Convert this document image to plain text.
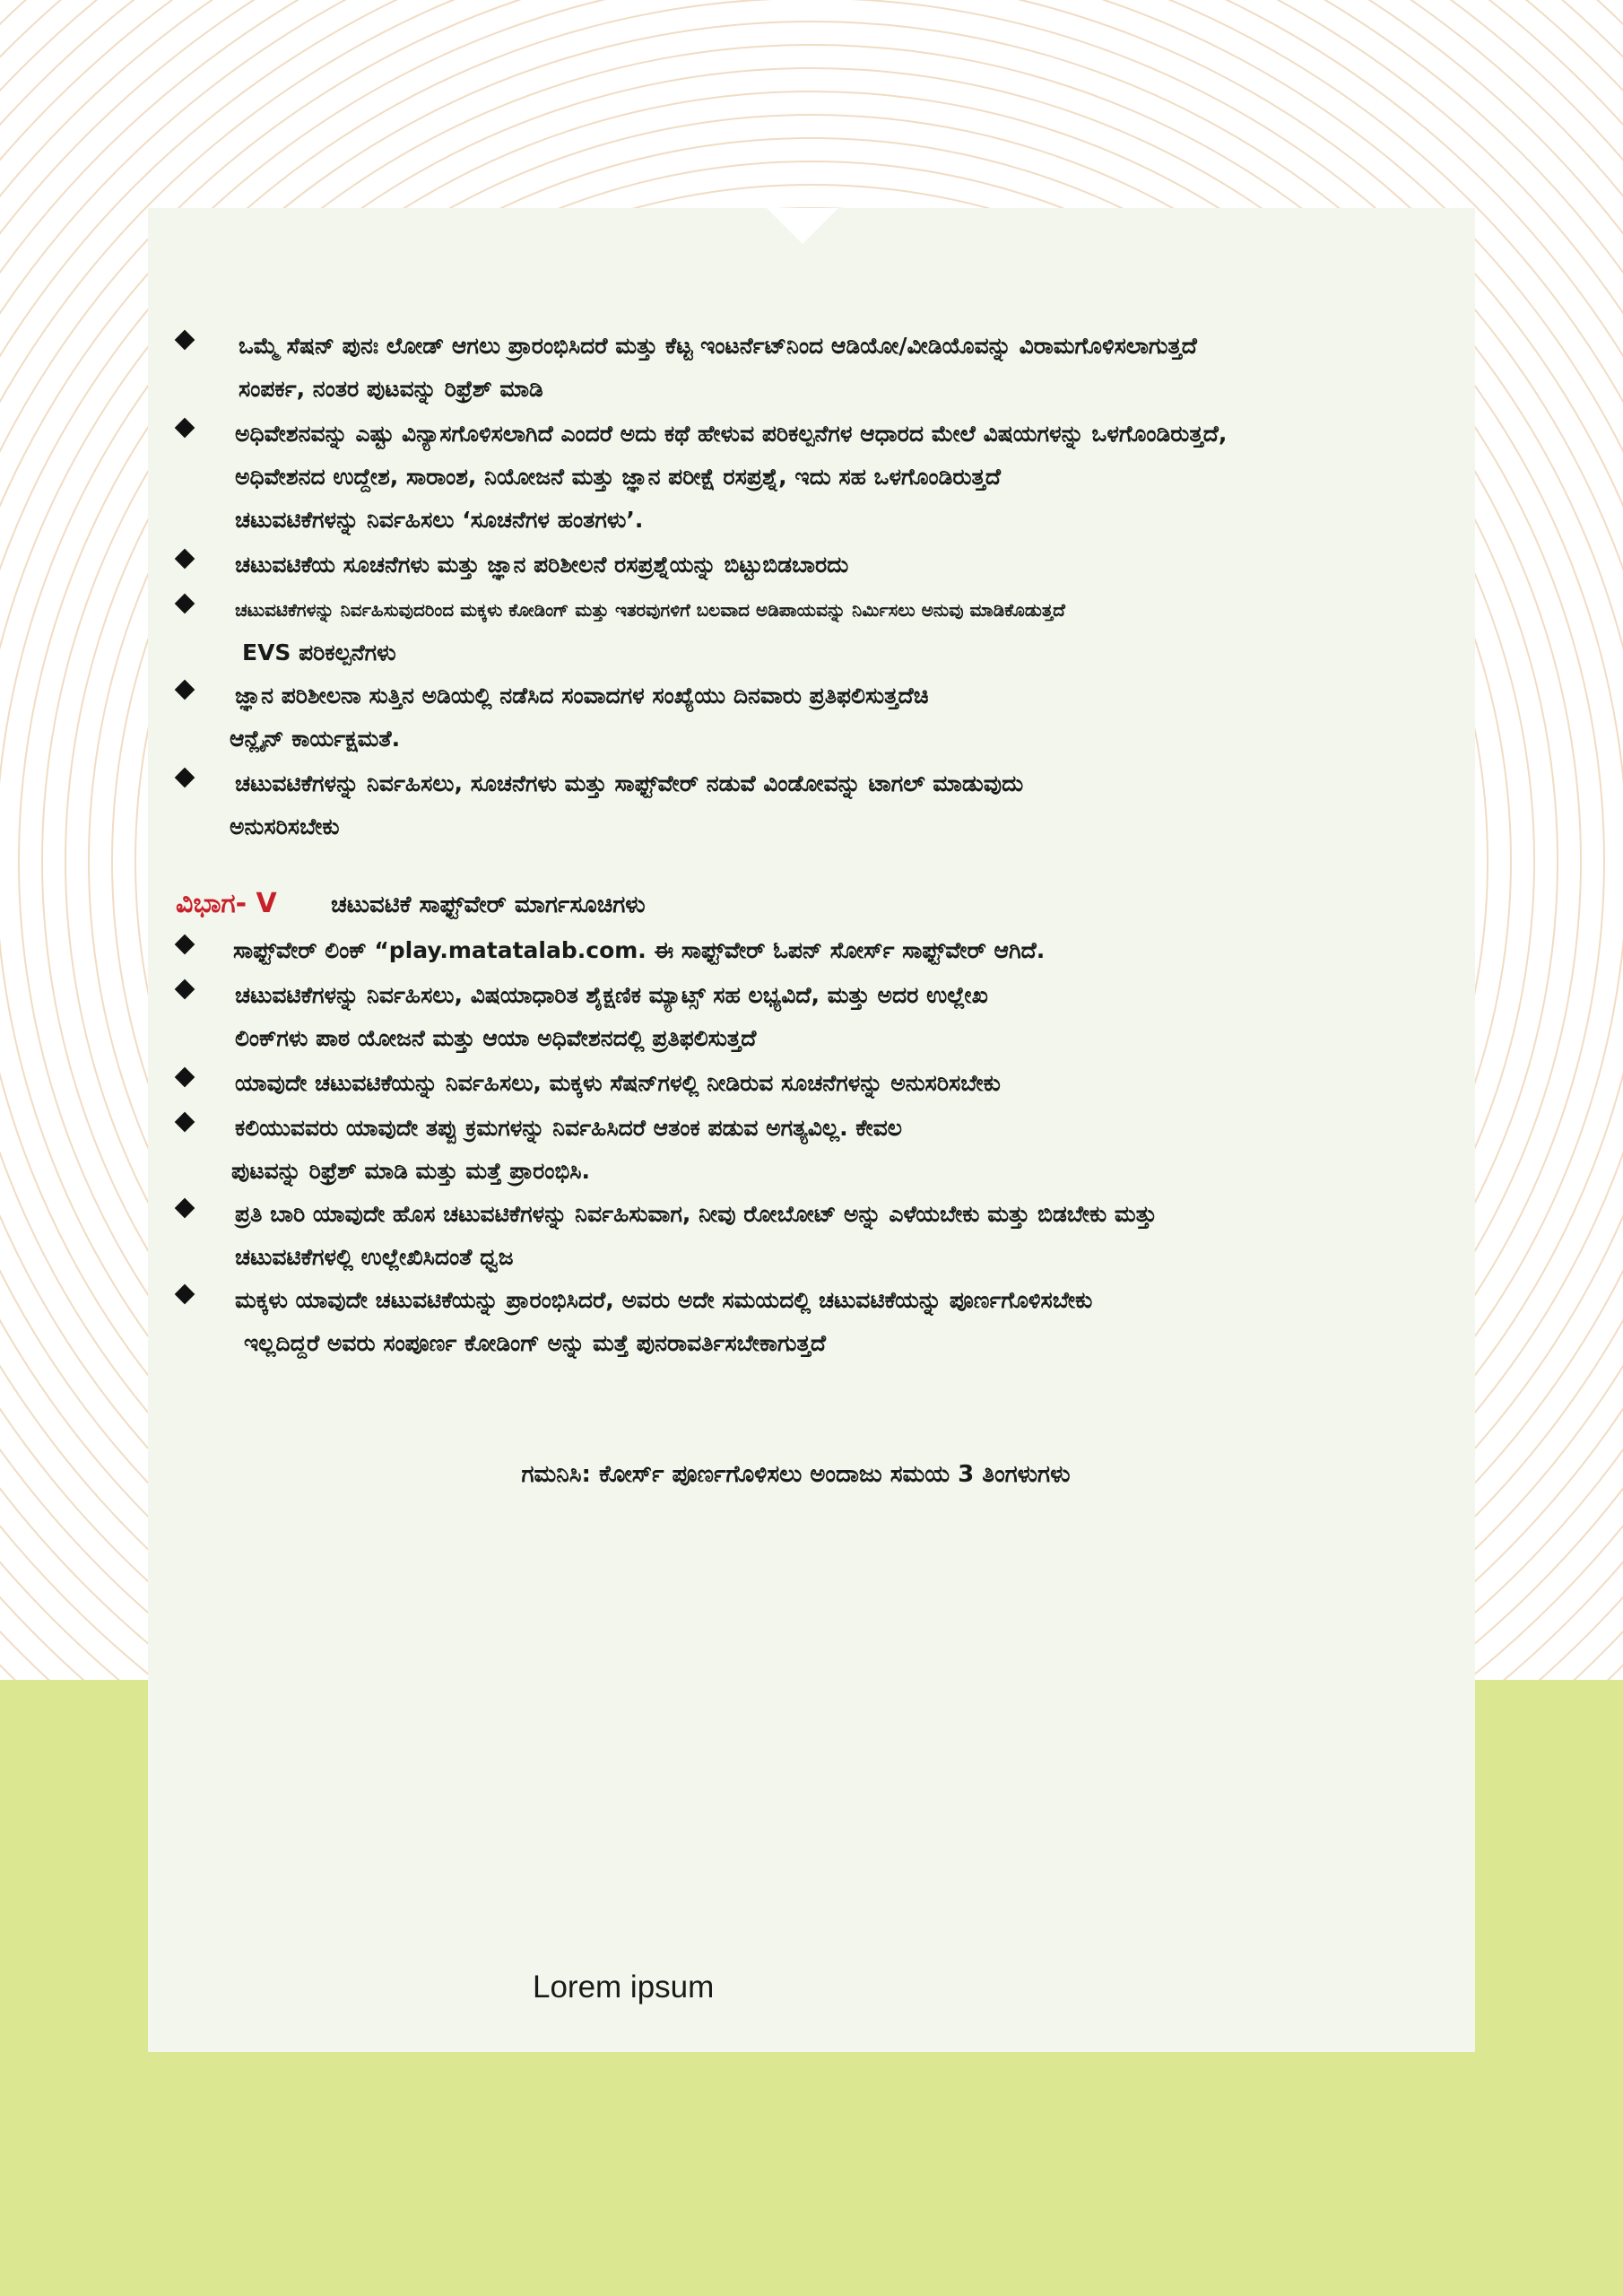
ಒಮ್ಮೆ ಸೆಷನ್ ಪುನಃ ಲೋಡ್ ಆಗಲು ಪ್ರಾರಂಭಿಸಿದರೆ ಮತ್ತು ಕೆಟ್ಟ ಇಂಟರ್ನೆಟ್‌ನಿಂದ ಆಡಿಯೋ/ವೀಡಿಯೊವನ್ನು ವಿರಾಮಗೊಳಿಸಲಾಗುತ್ತದೆ
ಸಂಪರ್ಕ, ನಂತರ ಪುಟವನ್ನು ರಿಫ್ರೆಶ್ ಮಾಡಿ
ಅಧಿವೇಶನವನ್ನು ಎಷ್ಟು ವಿನ್ಯಾಸಗೊಳಿಸಲಾಗಿದೆ ಎಂದರೆ ಅದು ಕಥೆ ಹೇಳುವ ಪರಿಕಲ್ಪನೆಗಳ ಆಧಾರದ ಮೇಲೆ ವಿಷಯಗಳನ್ನು ಒಳಗೊಂಡಿರುತ್ತದೆ,
ಅಧಿವೇಶನದ ಉದ್ದೇಶ, ಸಾರಾಂಶ, ನಿಯೋಜನೆ ಮತ್ತು ಜ್ಞಾನ ಪರೀಕ್ಷೆ ರಸಪ್ರಶ್ನೆ, ಇದು ಸಹ ಒಳಗೊಂಡಿರುತ್ತದೆ
ಚಟುವಟಿಕೆಗಳನ್ನು ನಿರ್ವಹಿಸಲು ‘ಸೂಚನೆಗಳ ಹಂತಗಳು’.
ಚಟುವಟಿಕೆಯ ಸೂಚನೆಗಳು ಮತ್ತು ಜ್ಞಾನ ಪರಿಶೀಲನೆ ರಸಪ್ರಶ್ನೆಯನ್ನು ಬಿಟ್ಟುಬಿಡಬಾರದು
ಚಟುವಟಿಕೆಗಳನ್ನು ನಿರ್ವಹಿಸುವುದರಿಂದ ಮಕ್ಕಳು ಕೋಡಿಂಗ್ ಮತ್ತು ಇತರವುಗಳಿಗೆ ಬಲವಾದ ಅಡಿಪಾಯವನ್ನು ನಿರ್ಮಿಸಲು ಅನುವು ಮಾಡಿಕೊಡುತ್ತದೆ
EVS ಪರಿಕಲ್ಪನೆಗಳು
ಜ್ಞಾನ ಪರಿಶೀಲನಾ ಸುತ್ತಿನ ಅಡಿಯಲ್ಲಿ ನಡೆಸಿದ ಸಂವಾದಗಳ ಸಂಖ್ಯೆಯು ದಿನವಾರು ಪ್ರತಿಫಲಿಸುತ್ತದೆಚಿ
ಆನ್ಲೈನ್ ಕಾರ್ಯಕ್ಷಮತೆ.
ಚಟುವಟಿಕೆಗಳನ್ನು ನಿರ್ವಹಿಸಲು, ಸೂಚನೆಗಳು ಮತ್ತು ಸಾಫ್ಟ್‌ವೇರ್ ನಡುವೆ ವಿಂಡೋವನ್ನು ಟಾಗಲ್ ಮಾಡುವುದು
ಅನುಸರಿಸಬೇಕು
ವಿಭಾಗ- V ಚಟುವಟಿಕೆ ಸಾಫ್ಟ್‌ವೇರ್ ಮಾರ್ಗಸೂಚಿಗಳು
ಸಾಫ್ಟ್‌ವೇರ್ ಲಿಂಕ್ “play.matatalab.com. ಈ ಸಾಫ್ಟ್‌ವೇರ್ ಓಪನ್ ಸೋರ್ಸ್ ಸಾಫ್ಟ್‌ವೇರ್ ಆಗಿದೆ.
ಚಟುವಟಿಕೆಗಳನ್ನು ನಿರ್ವಹಿಸಲು, ವಿಷಯಾಧಾರಿತ ಶೈಕ್ಷಣಿಕ ಮ್ಯಾಟ್ಸ್ ಸಹ ಲಭ್ಯವಿದೆ, ಮತ್ತು ಅದರ ಉಲ್ಲೇಖ
ಲಿಂಕ್‌ಗಳು ಪಾಠ ಯೋಜನೆ ಮತ್ತು ಆಯಾ ಅಧಿವೇಶನದಲ್ಲಿ ಪ್ರತಿಫಲಿಸುತ್ತದೆ
ಯಾವುದೇ ಚಟುವಟಿಕೆಯನ್ನು ನಿರ್ವಹಿಸಲು, ಮಕ್ಕಳು ಸೆಷನ್‌ಗಳಲ್ಲಿ ನೀಡಿರುವ ಸೂಚನೆಗಳನ್ನು ಅನುಸರಿಸಬೇಕು
ಕಲಿಯುವವರು ಯಾವುದೇ ತಪ್ಪು ಕ್ರಮಗಳನ್ನು ನಿರ್ವಹಿಸಿದರೆ ಆತಂಕ ಪಡುವ ಅಗತ್ಯವಿಲ್ಲ. ಕೇವಲ
ಪುಟವನ್ನು ರಿಫ್ರೆಶ್ ಮಾಡಿ ಮತ್ತು ಮತ್ತೆ ಪ್ರಾರಂಭಿಸಿ.
ಪ್ರತಿ ಬಾರಿ ಯಾವುದೇ ಹೊಸ ಚಟುವಟಿಕೆಗಳನ್ನು ನಿರ್ವಹಿಸುವಾಗ, ನೀವು ರೋಬೋಟ್ ಅನ್ನು ಎಳೆಯಬೇಕು ಮತ್ತು ಬಿಡಬೇಕು ಮತ್ತು
ಚಟುವಟಿಕೆಗಳಲ್ಲಿ ಉಲ್ಲೇಖಿಸಿದಂತೆ ಧ್ವಜ
ಮಕ್ಕಳು ಯಾವುದೇ ಚಟುವಟಿಕೆಯನ್ನು ಪ್ರಾರಂಭಿಸಿದರೆ, ಅವರು ಅದೇ ಸಮಯದಲ್ಲಿ ಚಟುವಟಿಕೆಯನ್ನು ಪೂರ್ಣಗೊಳಿಸಬೇಕು
ಇಲ್ಲದಿದ್ದರೆ ಅವರು ಸಂಪೂರ್ಣ ಕೋಡಿಂಗ್ ಅನ್ನು ಮತ್ತೆ ಪುನರಾವರ್ತಿಸಬೇಕಾಗುತ್ತದೆ
ಗಮನಿಸಿ: ಕೋರ್ಸ್ ಪೂರ್ಣಗೊಳಿಸಲು ಅಂದಾಜು ಸಮಯ 3 ತಿಂಗಳುಗಳು
Lorem ipsum
